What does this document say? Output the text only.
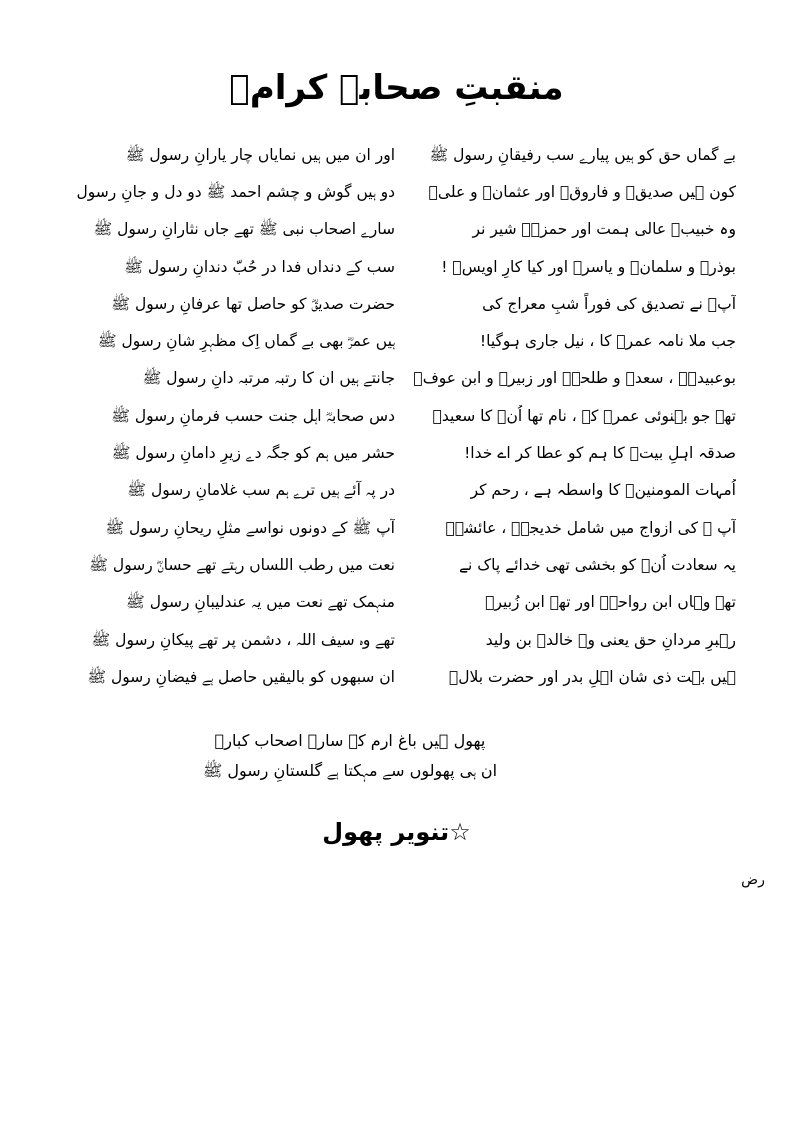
منقبتِ صحابہ کرامؓ
بے گماں حق کو ہیں پیارے سب رفیقانِ رسول ﷺ
اور ان میں ہیں نمایاں چار یارانِ رسول ﷺ
کون ہیں صدیقؓ و فاروقؓ اور عثمانؓ و علیؓ
دو ہیں گوش و چشم احمد ﷺ دو دل و جانِ رسول
وہ خبیبؓ عالی ہمت اور حمزہؓ شیر نر
سارے اصحاب نبی ﷺ تھے جاں نثارانِ رسول ﷺ
بوذرؓ و سلمانؓ و یاسرؓ اور کیا کارِ اویسؓ !
سب کے دنداں فدا در حُبّ دندانِ رسول ﷺ
آپؓ نے تصدیق کی فوراً شبِ معراج کی
حضرت صدیقؓ کو حاصل تھا عرفانِ رسول ﷺ
جب ملا نامہ عمرؓ کا ، نیل جاری ہوگیا!
ہیں عمرؓ بھی بے گماں اِک مظہرِ شانِ رسول ﷺ
بوعبیدہؓ ، سعدؓ و طلحہؓ اور زبیرؓ و ابن عوفؓ
جانتے ہیں ان کا رتبہ مرتبہ دانِ رسول ﷺ
تھے جو بہنوئی عمرؓ کے ، نام تھا اُنؓ کا سعیدؓ
دس صحابہؓ اہل جنت حسب فرمانِ رسول ﷺ
صدقہ اہلِ بیتؓ کا ہم کو عطا کر اے خدا!
حشر میں ہم کو جگہ دے زیرِ دامانِ رسول ﷺ
اُمہات المومنینؓ کا واسطہ ہے ، رحم کر
در پہ آئے ہیں ترے ہم سب غلامانِ رسول ﷺ
آپ ﷺ کی ازواج میں شامل خدیجہؓ ، عائشہؓ
آپ ﷺ کے دونوں نواسے مثلِ ریحانِ رسول ﷺ
یہ سعادت اُنؓ کو بخشی تھی خدائے پاک نے
نعت میں رطب اللساں رہتے تھے حسانؓ رسول ﷺ
تھے وہاں ابن رواحہؓ اور تھے ابن زُبیرؓ
منہمک تھے نعت میں یہ عندلیبانِ رسول ﷺ
رہبرِ مردانِ حق یعنی وہ خالدؓ بن ولید
تھے وہ سیف اللہ ، دشمن پر تھے پیکانِ رسول ﷺ
ہیں بہت ذی شان اہلِ بدر اور حضرت بلالؓ
ان سبھوں کو بالیقیں حاصل ہے فیضانِ رسول ﷺ
پھول ہیں باغ ارم کے سارے اصحاب کبارؓ
ان ہی پھولوں سے مہکتا ہے گلستانِ رسول ﷺ
☆تنویر پھول
رض
